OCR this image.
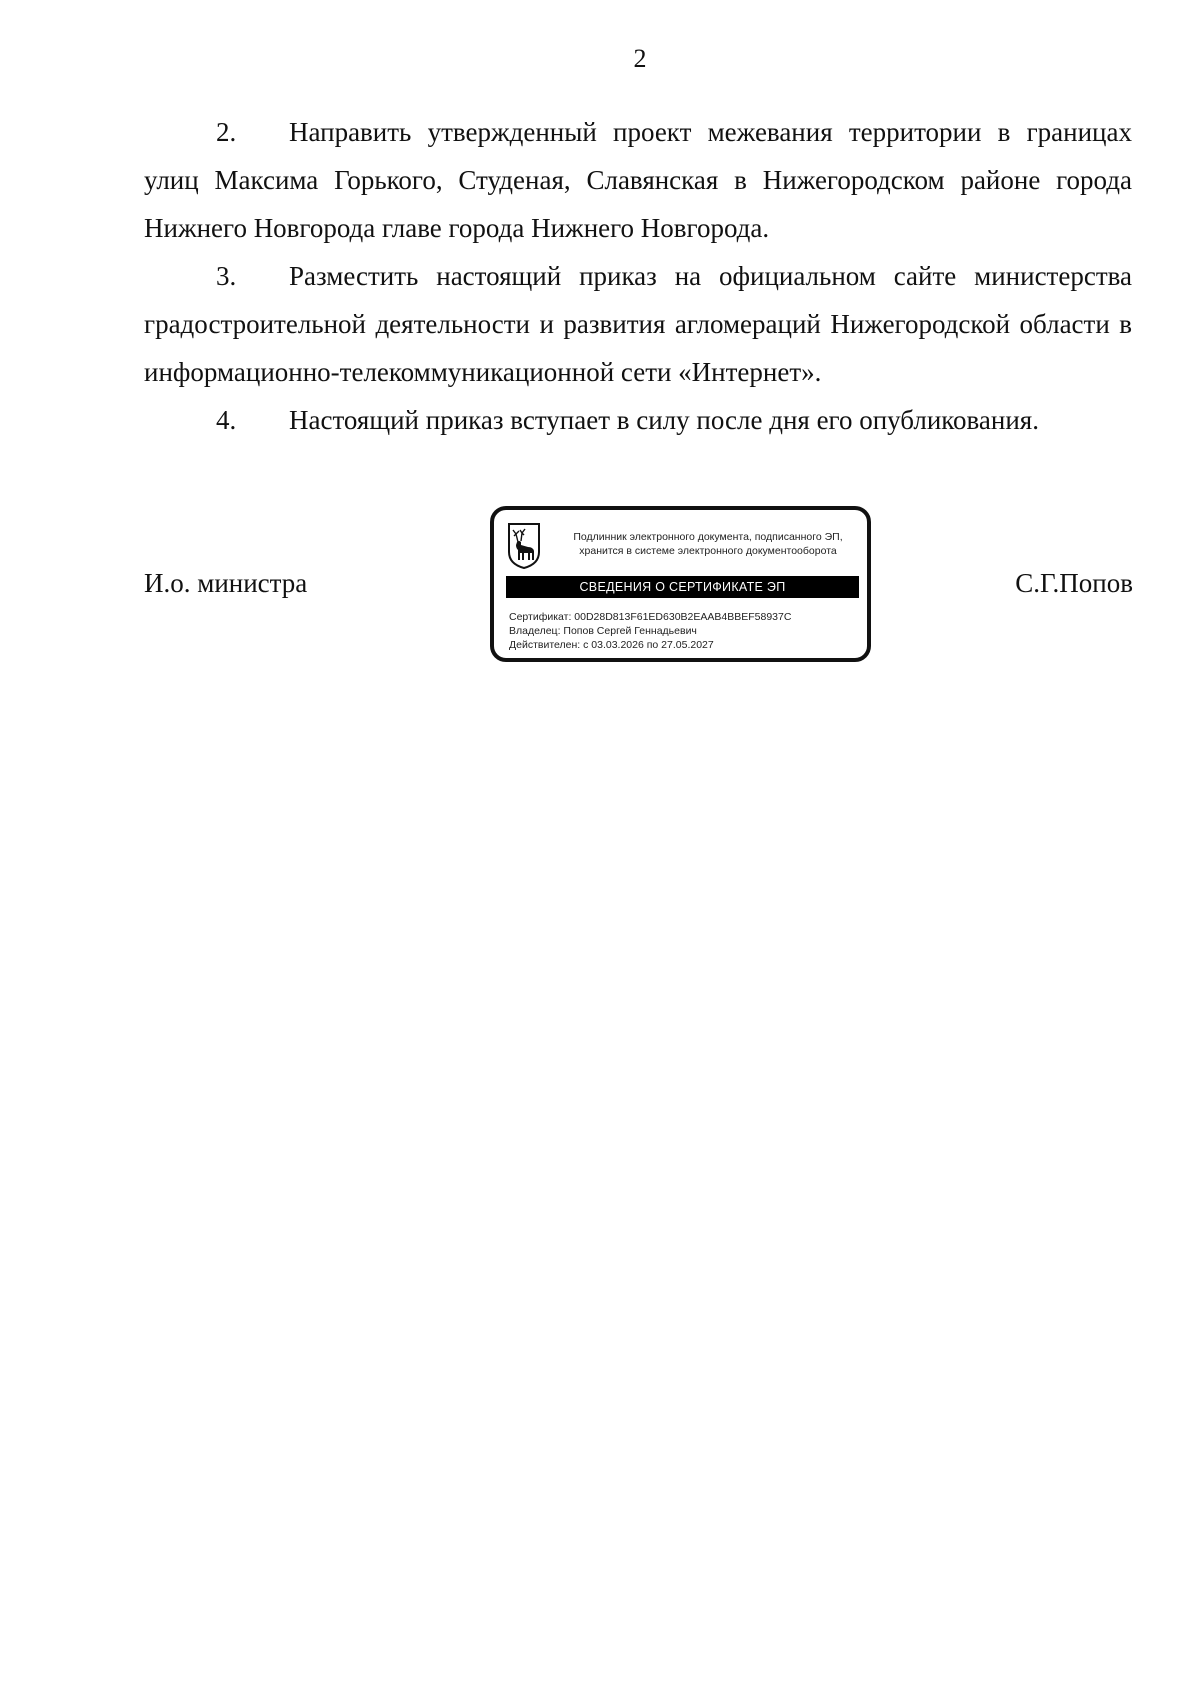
2

2. Направить утвержденный проект межевания территории в границах улиц Максима Горького, Студеная, Славянская в Нижегородском районе города Нижнего Новгорода главе города Нижнего Новгорода.

3. Разместить настоящий приказ на официальном сайте министерства градостроительной деятельности и развития агломераций Нижегородской области в информационно-телекоммуникационной сети «Интернет».

4. Настоящий приказ вступает в силу после дня его опубликования.

И.о. министра	С.Г.Попов
Подлинник электронного документа, подписанного ЭП,
хранится в системе электронного документооборота
СВЕДЕНИЯ О СЕРТИФИКАТЕ ЭП
Сертификат: 00D28D813F61ED630B2EAAB4BBEF58937C
Владелец: Попов Сергей Геннадьевич
Действителен: с 03.03.2026 по 27.05.2027
